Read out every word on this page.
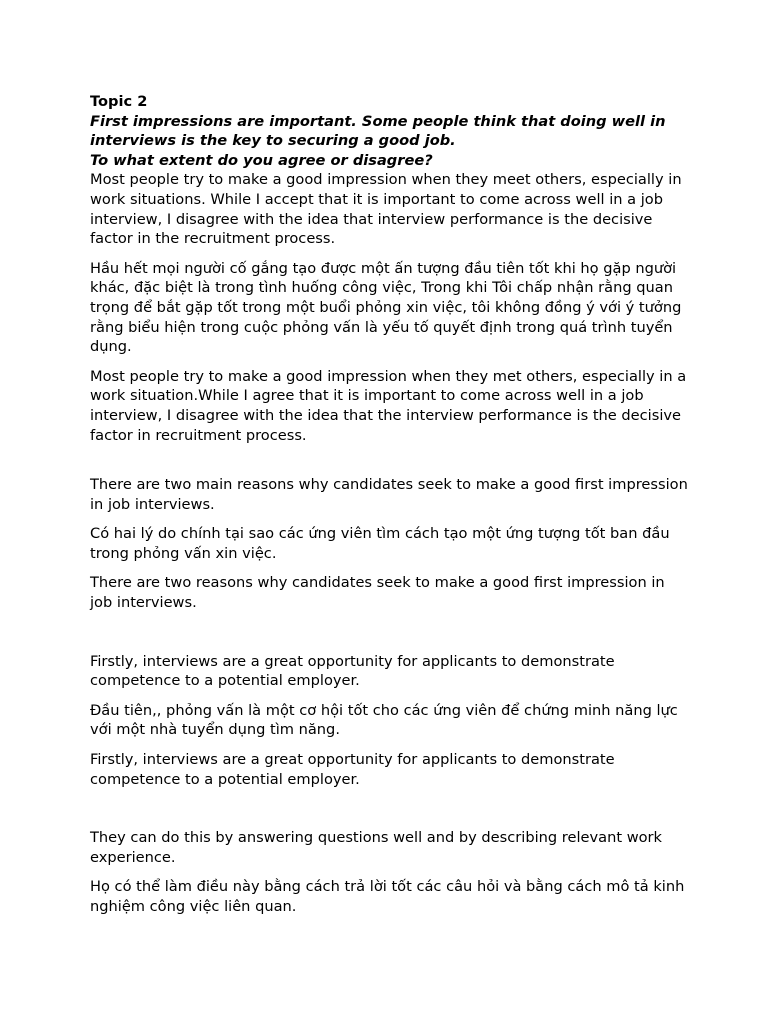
Topic 2

First impressions are important. Some people think that doing well in interviews is the key to securing a good job.

To what extent do you agree or disagree?

Most people try to make a good impression when they meet others, especially in work situations. While I accept that it is important to come across well in a job interview, I disagree with the idea that interview performance is the decisive factor in the recruitment process.

Hầu hết mọi người cố gắng tạo được một ấn tượng đầu tiên tốt khi họ gặp người khác, đặc biệt là trong tình huống công việc, Trong khi Tôi chấp nhận rằng quan trọng để bắt gặp tốt trong một buổi phỏng xin việc, tôi không đồng ý với ý tưởng rằng biểu hiện trong cuộc phỏng vấn là yếu tố quyết định trong quá trình tuyển dụng.

Most people try to make a good impression when they met others, especially in a work situation.While I agree that it is important to come across well in a job interview, I disagree with the idea that the interview performance is the decisive factor in recruitment process.

There are two main reasons why candidates seek to make a good first impression in job interviews.

Có hai lý do chính tại sao các ứng viên tìm cách tạo một ứng tượng tốt ban đầu trong phỏng vấn xin việc.

There are two reasons why candidates seek to make a good first impression in job interviews.

Firstly, interviews are a great opportunity for applicants to demonstrate competence to a potential employer.

Đầu tiên,, phỏng vấn là một cơ hội tốt cho các ứng viên để chứng minh năng lực với một nhà tuyển dụng tìm năng.

Firstly, interviews are a great opportunity for applicants to demonstrate competence to a potential employer.

They can do this by answering questions well and by describing relevant work experience.

Họ có thể làm điều này bằng cách trả lời tốt các câu hỏi và bằng cách mô tả kinh nghiệm công việc liên quan.
